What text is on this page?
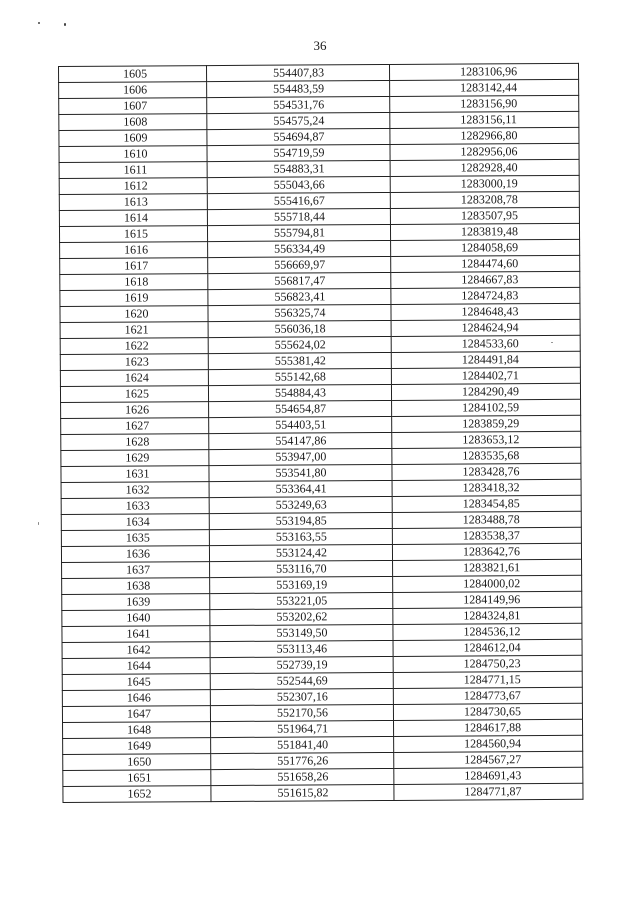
36
1605	554407,83	1283106,96
1606	554483,59	1283142,44
1607	554531,76	1283156,90
1608	554575,24	1283156,11
1609	554694,87	1282966,80
1610	554719,59	1282956,06
1611	554883,31	1282928,40
1612	555043,66	1283000,19
1613	555416,67	1283208,78
1614	555718,44	1283507,95
1615	555794,81	1283819,48
1616	556334,49	1284058,69
1617	556669,97	1284474,60
1618	556817,47	1284667,83
1619	556823,41	1284724,83
1620	556325,74	1284648,43
1621	556036,18	1284624,94
1622	555624,02	1284533,60
1623	555381,42	1284491,84
1624	555142,68	1284402,71
1625	554884,43	1284290,49
1626	554654,87	1284102,59
1627	554403,51	1283859,29
1628	554147,86	1283653,12
1629	553947,00	1283535,68
1631	553541,80	1283428,76
1632	553364,41	1283418,32
1633	553249,63	1283454,85
1634	553194,85	1283488,78
1635	553163,55	1283538,37
1636	553124,42	1283642,76
1637	553116,70	1283821,61
1638	553169,19	1284000,02
1639	553221,05	1284149,96
1640	553202,62	1284324,81
1641	553149,50	1284536,12
1642	553113,46	1284612,04
1644	552739,19	1284750,23
1645	552544,69	1284771,15
1646	552307,16	1284773,67
1647	552170,56	1284730,65
1648	551964,71	1284617,88
1649	551841,40	1284560,94
1650	551776,26	1284567,27
1651	551658,26	1284691,43
1652	551615,82	1284771,87
